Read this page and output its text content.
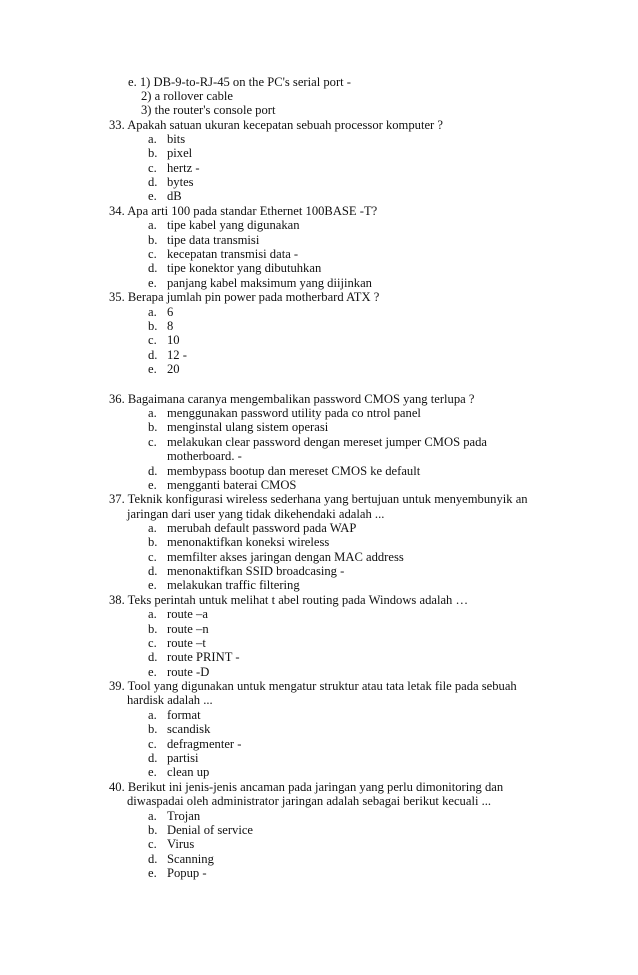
e. 1) DB-9-to-RJ-45 on the PC's serial port -
2) a rollover cable
3) the router's console port
33. Apakah satuan ukuran kecepatan sebuah processor komputer ?
a. bits
b. pixel
c. hertz -
d. bytes
e. dB
34. Apa arti 100 pada standar Ethernet 100BASE -T?
a. tipe kabel yang digunakan
b. tipe data transmisi
c. kecepatan transmisi data -
d. tipe konektor yang dibutuhkan
e. panjang kabel maksimum yang diijinkan
35. Berapa jumlah pin power pada motherbard ATX ?
a. 6
b. 8
c. 10
d. 12 -
e. 20
36. Bagaimana caranya mengembalikan password CMOS yang terlupa ?
a. menggunakan password utility pada co ntrol panel
b. menginstal ulang sistem operasi
c. melakukan clear password dengan mereset jumper CMOS pada
motherboard. -
d. membypass bootup dan mereset CMOS ke default
e. mengganti baterai CMOS
37. Teknik konfigurasi wireless sederhana yang bertujuan untuk menyembunyik an
jaringan dari user yang tidak dikehendaki adalah ...
a. merubah default password pada WAP
b. menonaktifkan koneksi wireless
c. memfilter akses jaringan dengan MAC address
d. menonaktifkan SSID broadcasing -
e. melakukan traffic filtering
38. Teks perintah untuk melihat t abel routing pada Windows adalah …
a. route –a
b. route –n
c. route –t
d. route PRINT -
e. route -D
39. Tool yang digunakan untuk mengatur struktur atau tata letak file pada sebuah
hardisk adalah ...
a. format
b. scandisk
c. defragmenter -
d. partisi
e. clean up
40. Berikut ini jenis-jenis ancaman pada jaringan yang perlu dimonitoring dan
diwaspadai oleh administrator jaringan adalah sebagai berikut kecuali ...
a. Trojan
b. Denial of service
c. Virus
d. Scanning
e. Popup -
